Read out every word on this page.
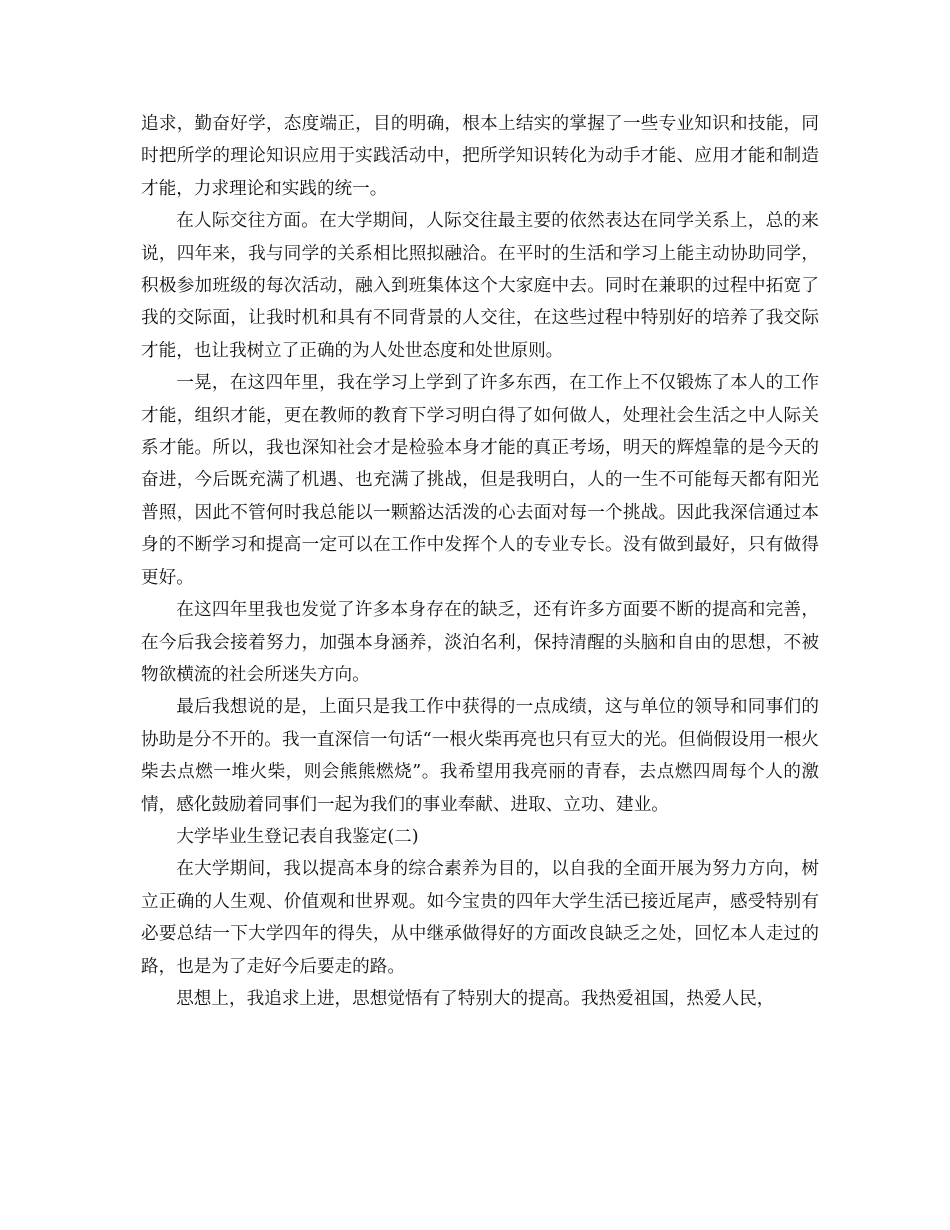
追求，勤奋好学，态度端正，目的明确，根本上结实的掌握了一些专业知识和技能，同时把所学的理论知识应用于实践活动中，把所学知识转化为动手才能、应用才能和制造才能，力求理论和实践的统一。

在人际交往方面。在大学期间，人际交往最主要的依然表达在同学关系上，总的来说，四年来，我与同学的关系相比照拟融洽。在平时的生活和学习上能主动协助同学，积极参加班级的每次活动，融入到班集体这个大家庭中去。同时在兼职的过程中拓宽了我的交际面，让我时机和具有不同背景的人交往，在这些过程中特别好的培养了我交际才能，也让我树立了正确的为人处世态度和处世原则。

一晃，在这四年里，我在学习上学到了许多东西，在工作上不仅锻炼了本人的工作才能，组织才能，更在教师的教育下学习明白得了如何做人，处理社会生活之中人际关系才能。所以，我也深知社会才是检验本身才能的真正考场，明天的辉煌靠的是今天的奋进，今后既充满了机遇、也充满了挑战，但是我明白，人的一生不可能每天都有阳光普照，因此不管何时我总能以一颗豁达活泼的心去面对每一个挑战。因此我深信通过本身的不断学习和提高一定可以在工作中发挥个人的专业专长。没有做到最好，只有做得更好。

在这四年里我也发觉了许多本身存在的缺乏，还有许多方面要不断的提高和完善，在今后我会接着努力，加强本身涵养，淡泊名利，保持清醒的头脑和自由的思想，不被物欲横流的社会所迷失方向。

最后我想说的是，上面只是我工作中获得的一点成绩，这与单位的领导和同事们的协助是分不开的。我一直深信一句话“一根火柴再亮也只有豆大的光。但倘假设用一根火柴去点燃一堆火柴，则会熊熊燃烧”。我希望用我亮丽的青春，去点燃四周每个人的激情，感化鼓励着同事们一起为我们的事业奉献、进取、立功、建业。

大学毕业生登记表自我鉴定(二)

在大学期间，我以提高本身的综合素养为目的，以自我的全面开展为努力方向，树立正确的人生观、价值观和世界观。如今宝贵的四年大学生活已接近尾声，感受特别有必要总结一下大学四年的得失，从中继承做得好的方面改良缺乏之处，回忆本人走过的路，也是为了走好今后要走的路。

思想上，我追求上进，思想觉悟有了特别大的提高。我热爱祖国，热爱人民，
